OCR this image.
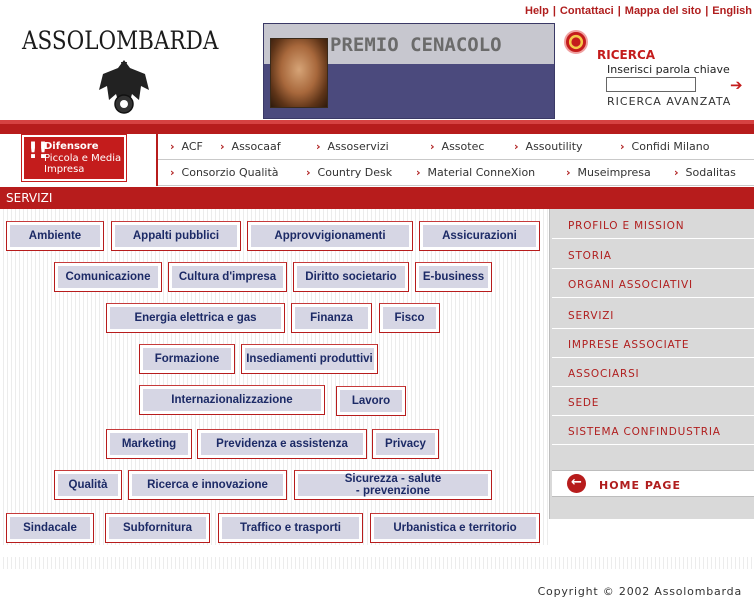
Help | Contattaci | Mappa del sito | English
ASSOLOMBARDA	PREMIO CENACOLO	RICERCA
Inserisci parola chiave
➔
RICERCA AVANZATA
!!
Difensore
Piccola e Media
Impresa
› ACF › Assocaaf	› Assoservizi	› Assotec	› Assoutility	› Confidi Milano
› Consorzio Qualità › Country Desk › Material ConneXion	› Museimpresa › Sodalitas
SERVIZI
Ambiente	Appalti pubblici	Approvvigionamenti	Assicurazioni
Comunicazione	Cultura d'impresa	Diritto societario	E-business
Energia elettrica e gas	Finanza	Fisco
Formazione	Insediamenti produttivi
Internazionalizzazione	Lavoro
Marketing	Previdenza e assistenza	Privacy
Qualità	Ricerca e innovazione	Sicurezza - salute
- prevenzione
Sindacale	Subfornitura	Traffico e trasporti	Urbanistica e territorio
PROFILO E MISSION
STORIA
ORGANI ASSOCIATIVI
SERVIZI
IMPRESE ASSOCIATE
ASSOCIARSI
SEDE
SISTEMA CONFINDUSTRIA
←	HOME PAGE
Copyright © 2002 Assolombarda
